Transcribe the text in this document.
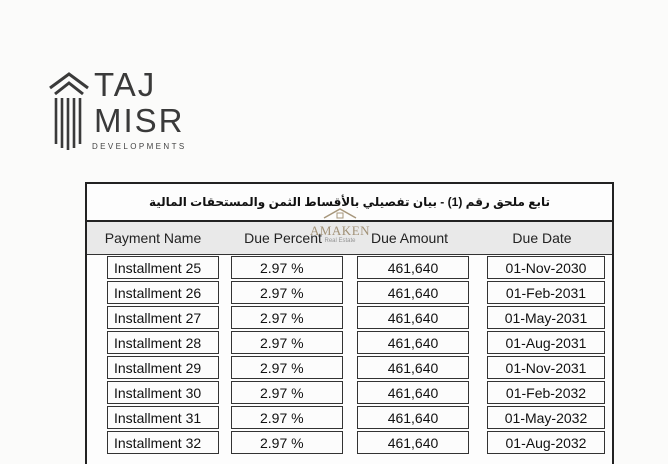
TAJ
MISR
DEVELOPMENTS
تابع ملحق رقم (1) - بيان تفصيلي بالأقساط الثمن والمستحقات المالية
Payment Name	Due Percent	Due Amount	Due Date
Installment 25	2.97 %	461,640	01-Nov-2030
Installment 26	2.97 %	461,640	01-Feb-2031
Installment 27	2.97 %	461,640	01-May-2031
Installment 28	2.97 %	461,640	01-Aug-2031
Installment 29	2.97 %	461,640	01-Nov-2031
Installment 30	2.97 %	461,640	01-Feb-2032
Installment 31	2.97 %	461,640	01-May-2032
Installment 32	2.97 %	461,640	01-Aug-2032
AMAKEN
Real Estate
